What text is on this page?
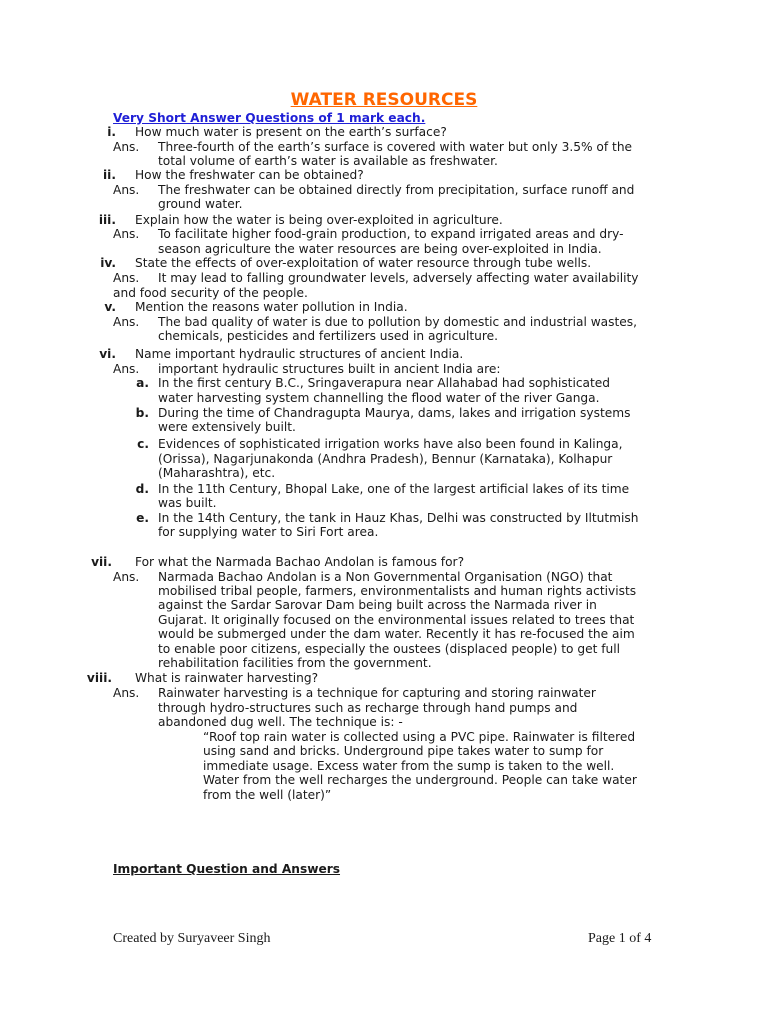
WATER RESOURCES
Very Short Answer Questions of 1 mark each.
i. How much water is present on the earth’s surface?
Ans. Three-fourth of the earth’s surface is covered with water but only 3.5% of the
total volume of earth’s water is available as freshwater.
ii. How the freshwater can be obtained?
Ans. The freshwater can be obtained directly from precipitation, surface runoff and
ground water.
iii. Explain how the water is being over-exploited in agriculture.
Ans. To facilitate higher food-grain production, to expand irrigated areas and dry-
season agriculture the water resources are being over-exploited in India.
iv. State the effects of over-exploitation of water resource through tube wells.
Ans. It may lead to falling groundwater levels, adversely affecting water availability
and food security of the people.
v. Mention the reasons water pollution in India.
Ans. The bad quality of water is due to pollution by domestic and industrial wastes,
chemicals, pesticides and fertilizers used in agriculture.
vi. Name important hydraulic structures of ancient India.
Ans. important hydraulic structures built in ancient India are:
a. In the first century B.C., Sringaverapura near Allahabad had sophisticated
water harvesting system channelling the flood water of the river Ganga.
b. During the time of Chandragupta Maurya, dams, lakes and irrigation systems
were extensively built.
c. Evidences of sophisticated irrigation works have also been found in Kalinga,
(Orissa), Nagarjunakonda (Andhra Pradesh), Bennur (Karnataka), Kolhapur
(Maharashtra), etc.
d. In the 11th Century, Bhopal Lake, one of the largest artificial lakes of its time
was built.
e. In the 14th Century, the tank in Hauz Khas, Delhi was constructed by Iltutmish
for supplying water to Siri Fort area.
vii. For what the Narmada Bachao Andolan is famous for?
Ans. Narmada Bachao Andolan is a Non Governmental Organisation (NGO) that
mobilised tribal people, farmers, environmentalists and human rights activists
against the Sardar Sarovar Dam being built across the Narmada river in
Gujarat. It originally focused on the environmental issues related to trees that
would be submerged under the dam water. Recently it has re-focused the aim
to enable poor citizens, especially the oustees (displaced people) to get full
rehabilitation facilities from the government.
viii. What is rainwater harvesting?
Ans. Rainwater harvesting is a technique for capturing and storing rainwater
through hydro-structures such as recharge through hand pumps and
abandoned dug well. The technique is: -
“Roof top rain water is collected using a PVC pipe. Rainwater is filtered
using sand and bricks. Underground pipe takes water to sump for
immediate usage. Excess water from the sump is taken to the well.
Water from the well recharges the underground. People can take water
from the well (later)”
Important Question and Answers
Created by Suryaveer Singh	Page 1 of 4
